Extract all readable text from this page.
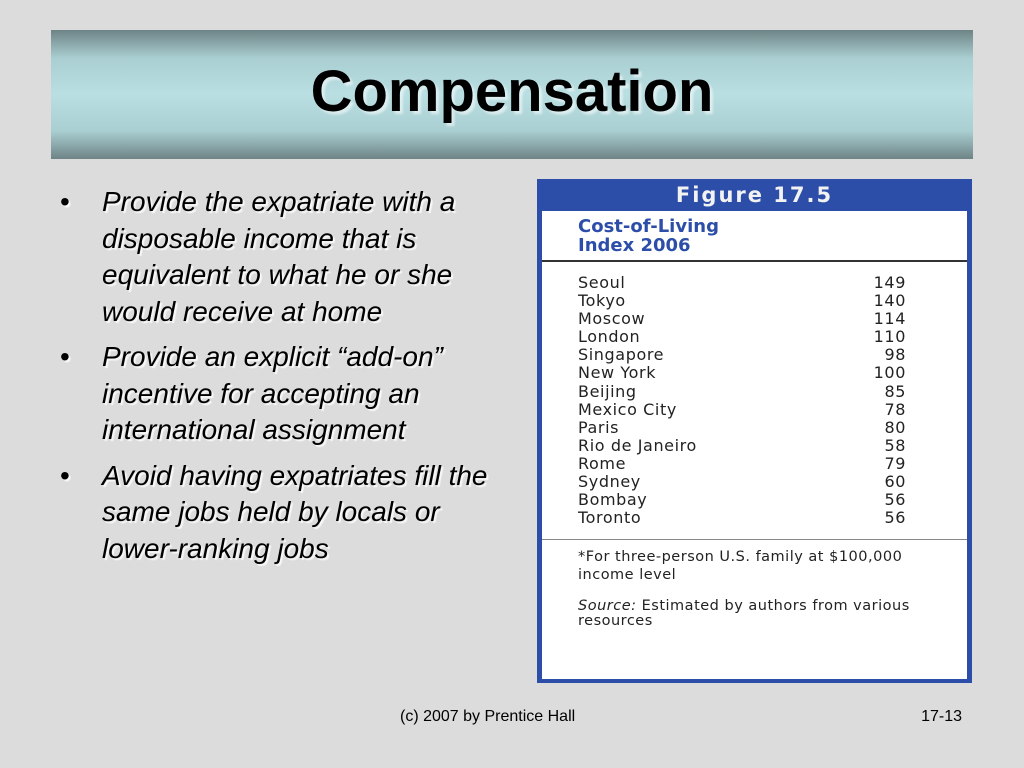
Compensation
• Provide the expatriate with a disposable income that is equivalent to what he or she would receive at home
• Provide an explicit “add-on” incentive for accepting an international assignment
• Avoid having expatriates fill the same jobs held by locals or lower-ranking jobs
Figure 17.5
Cost-of-Living
Index 2006
Seoul	149
Tokyo	140
Moscow	114
London	110
Singapore	98
New York	100
Beijing	85
Mexico City	78
Paris	80
Rio de Janeiro	58
Rome	79
Sydney	60
Bombay	56
Toronto	56
*For three-person U.S. family at $100,000 income level
Source: Estimated by authors from various resources
(c) 2007 by Prentice Hall	17-13
